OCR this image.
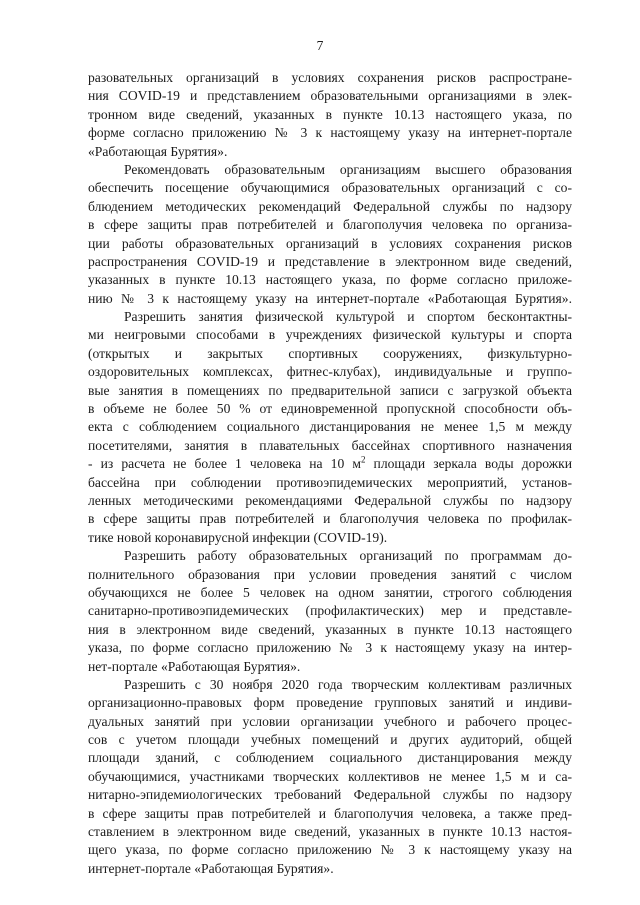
7
разовательных организаций в условиях сохранения рисков распростране-
ния COVID-19 и представлением образовательными организациями в элек-
тронном виде сведений, указанных в пункте 10.13 настоящего указа, по
форме согласно приложению № 3 к настоящему указу на интернет-портале
«Работающая Бурятия».
Рекомендовать образовательным организациям высшего образования
обеспечить посещение обучающимися образовательных организаций с со-
блюдением методических рекомендаций Федеральной службы по надзору
в сфере защиты прав потребителей и благополучия человека по организа-
ции работы образовательных организаций в условиях сохранения рисков
распространения COVID-19 и представление в электронном виде сведений,
указанных в пункте 10.13 настоящего указа, по форме согласно приложе-
нию № 3 к настоящему указу на интернет-портале «Работающая Бурятия».
Разрешить занятия физической культурой и спортом бесконтактны-
ми неигровыми способами в учреждениях физической культуры и спорта
(открытых и закрытых спортивных сооружениях, физкультурно-
оздоровительных комплексах, фитнес-клубах), индивидуальные и группо-
вые занятия в помещениях по предварительной записи с загрузкой объекта
в объеме не более 50 % от единовременной пропускной способности объ-
екта с соблюдением социального дистанцирования не менее 1,5 м между
посетителями, занятия в плавательных бассейнах спортивного назначения
- из расчета не более 1 человека на 10 $м^2$ площади зеркала воды дорожки
бассейна при соблюдении противоэпидемических мероприятий, установ-
ленных методическими рекомендациями Федеральной службы по надзору
в сфере защиты прав потребителей и благополучия человека по профилак-
тике новой коронавирусной инфекции (COVID-19).
Разрешить работу образовательных организаций по программам до-
полнительного образования при условии проведения занятий с числом
обучающихся не более 5 человек на одном занятии, строгого соблюдения
санитарно-противоэпидемических (профилактических) мер и представле-
ния в электронном виде сведений, указанных в пункте 10.13 настоящего
указа, по форме согласно приложению № 3 к настоящему указу на интер-
нет-портале «Работающая Бурятия».
Разрешить с 30 ноября 2020 года творческим коллективам различных
организационно-правовых форм проведение групповых занятий и индиви-
дуальных занятий при условии организации учебного и рабочего процес-
сов с учетом площади учебных помещений и других аудиторий, общей
площади зданий, с соблюдением социального дистанцирования между
обучающимися, участниками творческих коллективов не менее 1,5 м и са-
нитарно-эпидемиологических требований Федеральной службы по надзору
в сфере защиты прав потребителей и благополучия человека, а также пред-
ставлением в электронном виде сведений, указанных в пункте 10.13 настоя-
щего указа, по форме согласно приложению № 3 к настоящему указу на
интернет-портале «Работающая Бурятия».
